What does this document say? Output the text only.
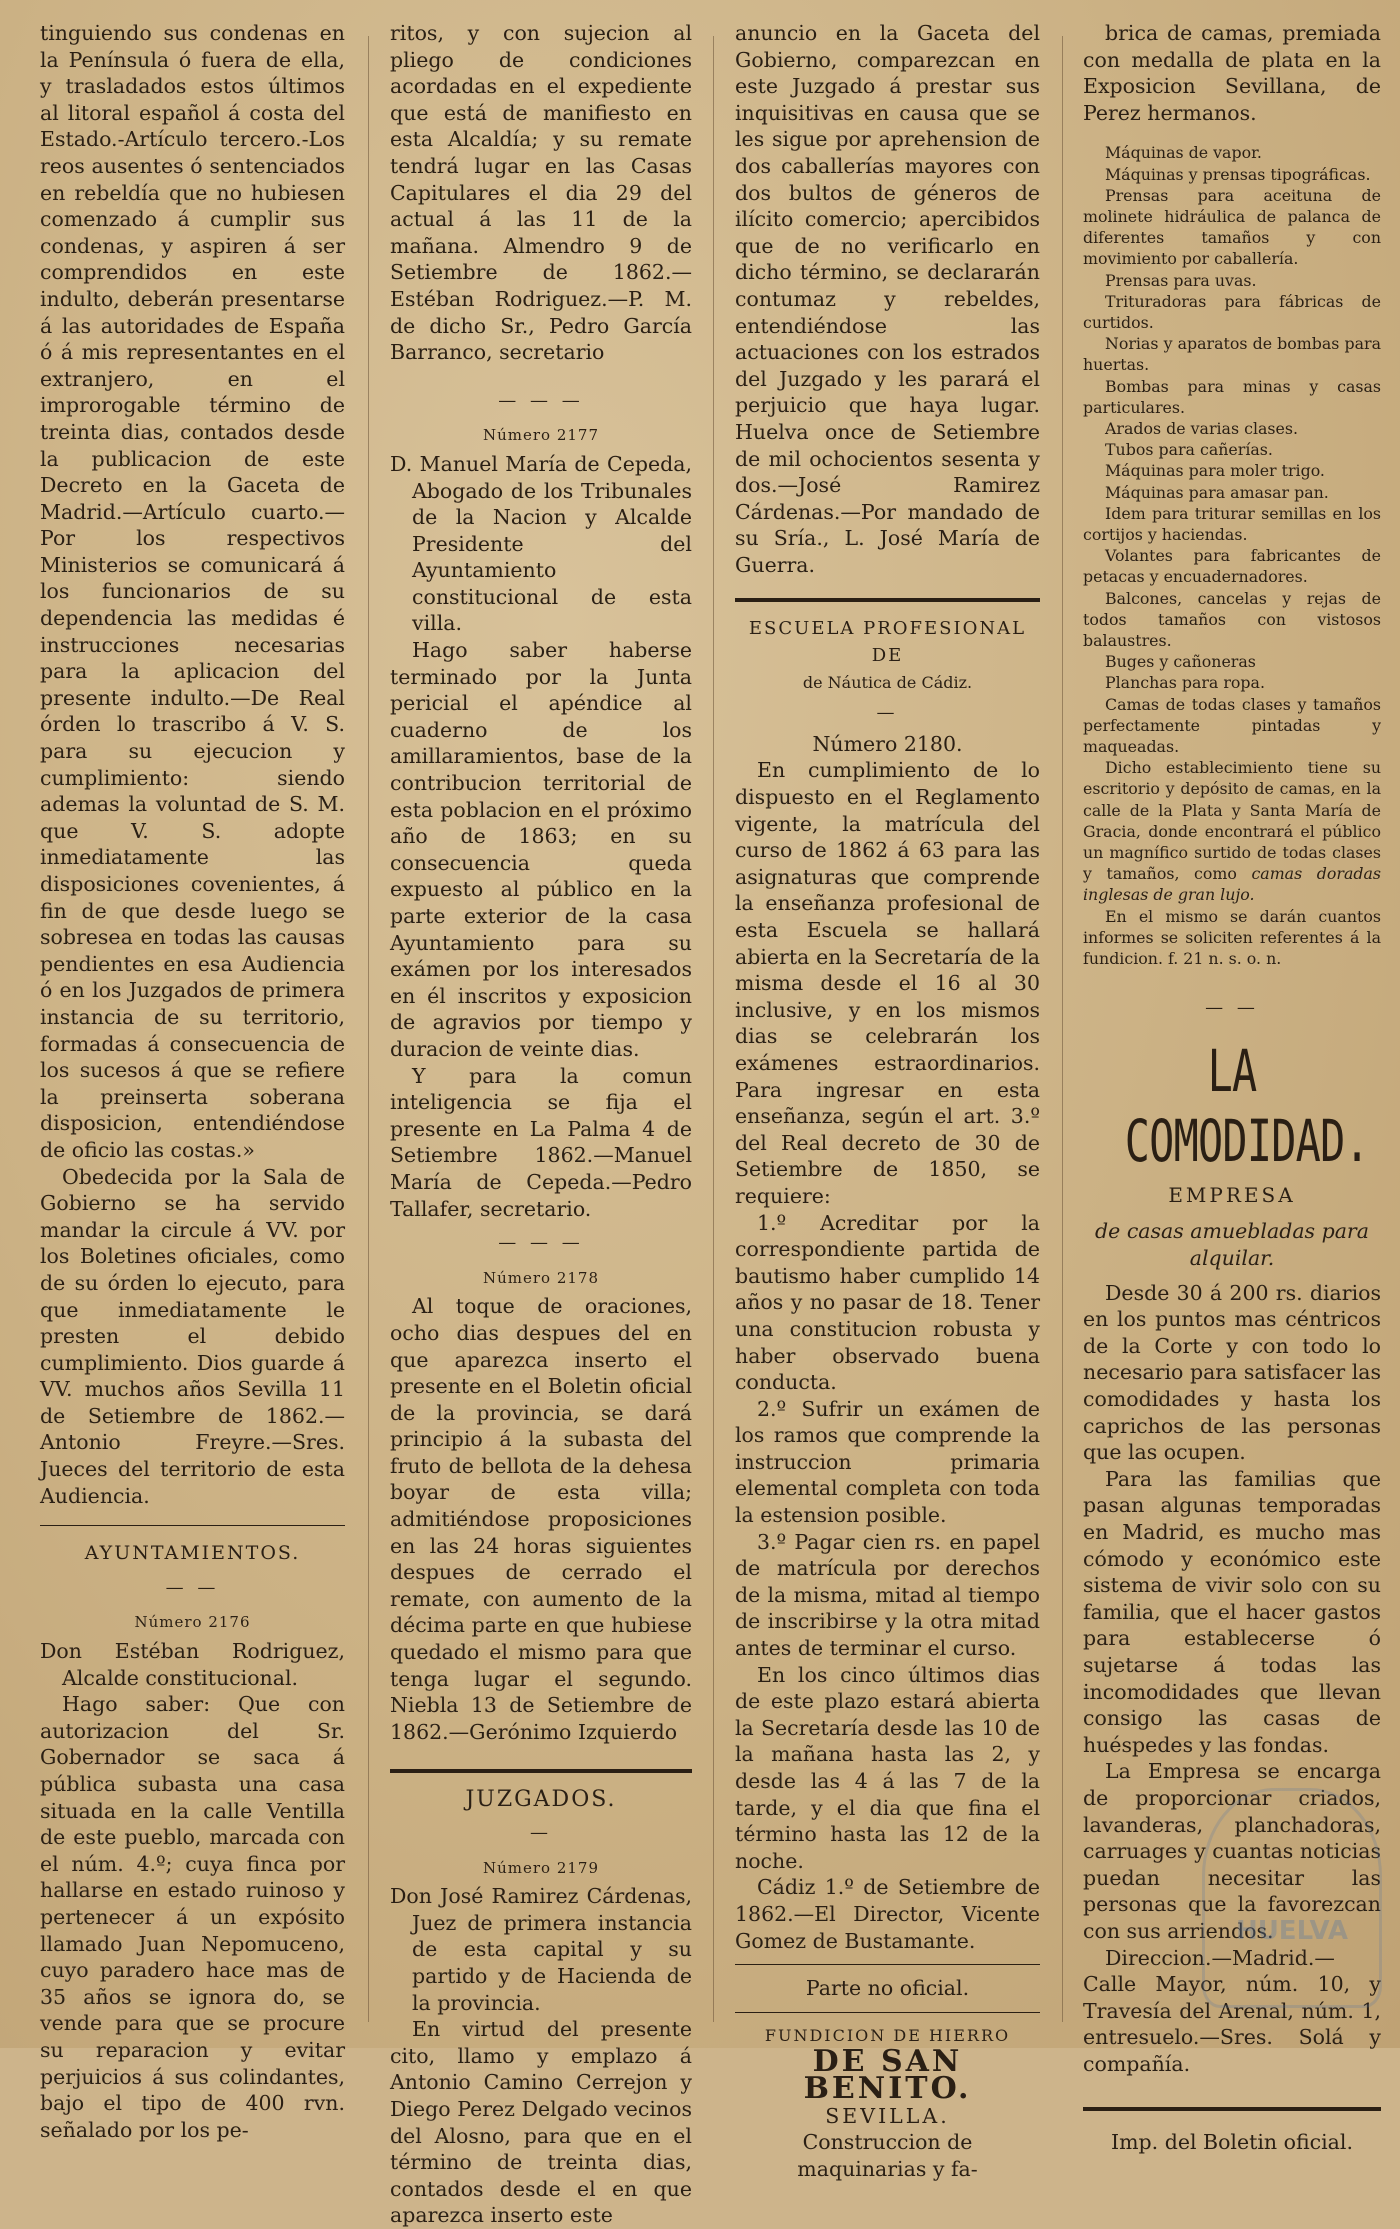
tinguiendo sus condenas en la Península ó fuera de ella, y trasladados estos últimos al litoral español á costa del Estado.-Artículo tercero.-Los reos ausentes ó sentenciados en rebeldía que no hubiesen comenzado á cumplir sus condenas, y aspiren á ser comprendidos en este indulto, deberán presentarse á las autoridades de España ó á mis representantes en el extranjero, en el improrogable término de treinta dias, contados desde la publicacion de este Decreto en la Gaceta de Madrid.—Artículo cuarto.—Por los respectivos Ministerios se comunicará á los funcionarios de su dependencia las medidas é instrucciones necesarias para la aplicacion del presente indulto.—De Real órden lo trascribo á V. S. para su ejecucion y cumplimiento: siendo ademas la voluntad de S. M. que V. S. adopte inmediatamente las disposiciones covenientes, á fin de que desde luego se sobresea en todas las causas pendientes en esa Audiencia ó en los Juzgados de primera instancia de su territorio, formadas á consecuencia de los sucesos á que se refiere la preinserta soberana disposicion, entendiéndose de oficio las costas.»

Obedecida por la Sala de Gobierno se ha servido mandar la circule á VV. por los Boletines oficiales, como de su órden lo ejecuto, para que inmediatamente le presten el debido cumplimiento. Dios guarde á VV. muchos años Sevilla 11 de Setiembre de 1862.—Antonio Freyre.—Sres. Jueces del territorio de esta Audiencia.

AYUNTAMIENTOS.

— —

Número 2176

Don Estéban Rodriguez, Alcalde constitucional.

Hago saber: Que con autorizacion del Sr. Gobernador se saca á pública subasta una casa situada en la calle Ventilla de este pueblo, marcada con el núm. 4.º; cuya finca por hallarse en estado ruinoso y pertenecer á un expósito llamado Juan Nepomuceno, cuyo paradero hace mas de 35 años se ignora do, se vende para que se procure su reparacion y evitar perjuicios á sus colindantes, bajo el tipo de 400 rvn. señalado por los pe-

ritos, y con sujecion al pliego de condiciones acordadas en el expediente que está de manifiesto en esta Alcaldía; y su remate tendrá lugar en las Casas Capitulares el dia 29 del actual á las 11 de la mañana. Almendro 9 de Setiembre de 1862.—Estéban Rodriguez.—P. M. de dicho Sr., Pedro García Barranco, secretario

— — —

Número 2177

D. Manuel María de Cepeda, Abogado de los Tribunales de la Nacion y Alcalde Presidente del Ayuntamiento constitucional de esta villa.

Hago saber haberse terminado por la Junta pericial el apéndice al cuaderno de los amillaramientos, base de la contribucion territorial de esta poblacion en el próximo año de 1863; en su consecuencia queda expuesto al público en la parte exterior de la casa Ayuntamiento para su exámen por los interesados en él inscritos y exposicion de agravios por tiempo y duracion de veinte dias.

Y para la comun inteligencia se fija el presente en La Palma 4 de Setiembre 1862.—Manuel María de Cepeda.—Pedro Tallafer, secretario.

— — —

Número 2178

Al toque de oraciones, ocho dias despues del en que aparezca inserto el presente en el Boletin oficial de la provincia, se dará principio á la subasta del fruto de bellota de la dehesa boyar de esta villa; admitiéndose proposiciones en las 24 horas siguientes despues de cerrado el remate, con aumento de la décima parte en que hubiese quedado el mismo para que tenga lugar el segundo. Niebla 13 de Setiembre de 1862.—Gerónimo Izquierdo

JUZGADOS.

—

Número 2179

Don José Ramirez Cárdenas, Juez de primera instancia de esta capital y su partido y de Hacienda de la provincia.

En virtud del presente cito, llamo y emplazo á Antonio Camino Cerrejon y Diego Perez Delgado vecinos del Alosno, para que en el término de treinta dias, contados desde el en que aparezca inserto este

anuncio en la Gaceta del Gobierno, comparezcan en este Juzgado á prestar sus inquisitivas en causa que se les sigue por aprehension de dos caballerías mayores con dos bultos de géneros de ilícito comercio; apercibidos que de no verificarlo en dicho término, se declararán contumaz y rebeldes, entendiéndose las actuaciones con los estrados del Juzgado y les parará el perjuicio que haya lugar. Huelva once de Setiembre de mil ochocientos sesenta y dos.—José Ramirez Cárdenas.—Por mandado de su Sría., L. José María de Guerra.

ESCUELA PROFESIONAL DE

de Náutica de Cádiz.

—

Número 2180.

En cumplimiento de lo dispuesto en el Reglamento vigente, la matrícula del curso de 1862 á 63 para las asignaturas que comprende la enseñanza profesional de esta Escuela se hallará abierta en la Secretaría de la misma desde el 16 al 30 inclusive, y en los mismos dias se celebrarán los exámenes estraordinarios. Para ingresar en esta enseñanza, según el art. 3.º del Real decreto de 30 de Setiembre de 1850, se requiere:

1.º Acreditar por la correspondiente partida de bautismo haber cumplido 14 años y no pasar de 18. Tener una constitucion robusta y haber observado buena conducta.

2.º Sufrir un exámen de los ramos que comprende la instruccion primaria elemental completa con toda la estension posible.

3.º Pagar cien rs. en papel de matrícula por derechos de la misma, mitad al tiempo de inscribirse y la otra mitad antes de terminar el curso.

En los cinco últimos dias de este plazo estará abierta la Secretaría desde las 10 de la mañana hasta las 2, y desde las 4 á las 7 de la tarde, y el dia que fina el término hasta las 12 de la noche.

Cádiz 1.º de Setiembre de 1862.—El Director, Vicente Gomez de Bustamante.

Parte no oficial.

FUNDICION DE HIERRO

DE SAN BENITO.

SEVILLA.

Construccion de maquinarias y fa-

brica de camas, premiada con medalla de plata en la Exposicion Sevillana, de Perez hermanos.

Máquinas de vapor.

Máquinas y prensas tipográficas.

Prensas para aceituna de molinete hidráulica de palanca de diferentes tamaños y con movimiento por caballería.

Prensas para uvas.

Trituradoras para fábricas de curtidos.

Norias y aparatos de bombas para huertas.

Bombas para minas y casas particulares.

Arados de varias clases.

Tubos para cañerías.

Máquinas para moler trigo.

Máquinas para amasar pan.

Idem para triturar semillas en los cortijos y haciendas.

Volantes para fabricantes de petacas y encuadernadores.

Balcones, cancelas y rejas de todos tamaños con vistosos balaustres.

Buges y cañoneras

Planchas para ropa.

Camas de todas clases y tamaños perfectamente pintadas y maqueadas.

Dicho establecimiento tiene su escritorio y depósito de camas, en la calle de la Plata y Santa María de Gracia, donde encontrará el público un magnífico surtido de todas clases y tamaños, como camas doradas inglesas de gran lujo.

En el mismo se darán cuantos informes se soliciten referentes á la fundicion. f. 21 n. s. o. n.

— —

LA COMODIDAD.

EMPRESA

de casas amuebladas para alquilar.

Desde 30 á 200 rs. diarios en los puntos mas céntricos de la Corte y con todo lo necesario para satisfacer las comodidades y hasta los caprichos de las personas que las ocupen.

Para las familias que pasan algunas temporadas en Madrid, es mucho mas cómodo y económico este sistema de vivir solo con su familia, que el hacer gastos para establecerse ó sujetarse á todas las incomodidades que llevan consigo las casas de huéspedes y las fondas.

La Empresa se encarga de proporcionar criados, lavanderas, planchadoras, carruages y cuantas noticias puedan necesitar las personas que la favorezcan con sus arriendos.

Direccion.—Madrid.—Calle Mayor, núm. 10, y Travesía del Arenal, núm. 1, entresuelo.—Sres. Solá y compañía.

Imp. del Boletin oficial.

HUELVA
